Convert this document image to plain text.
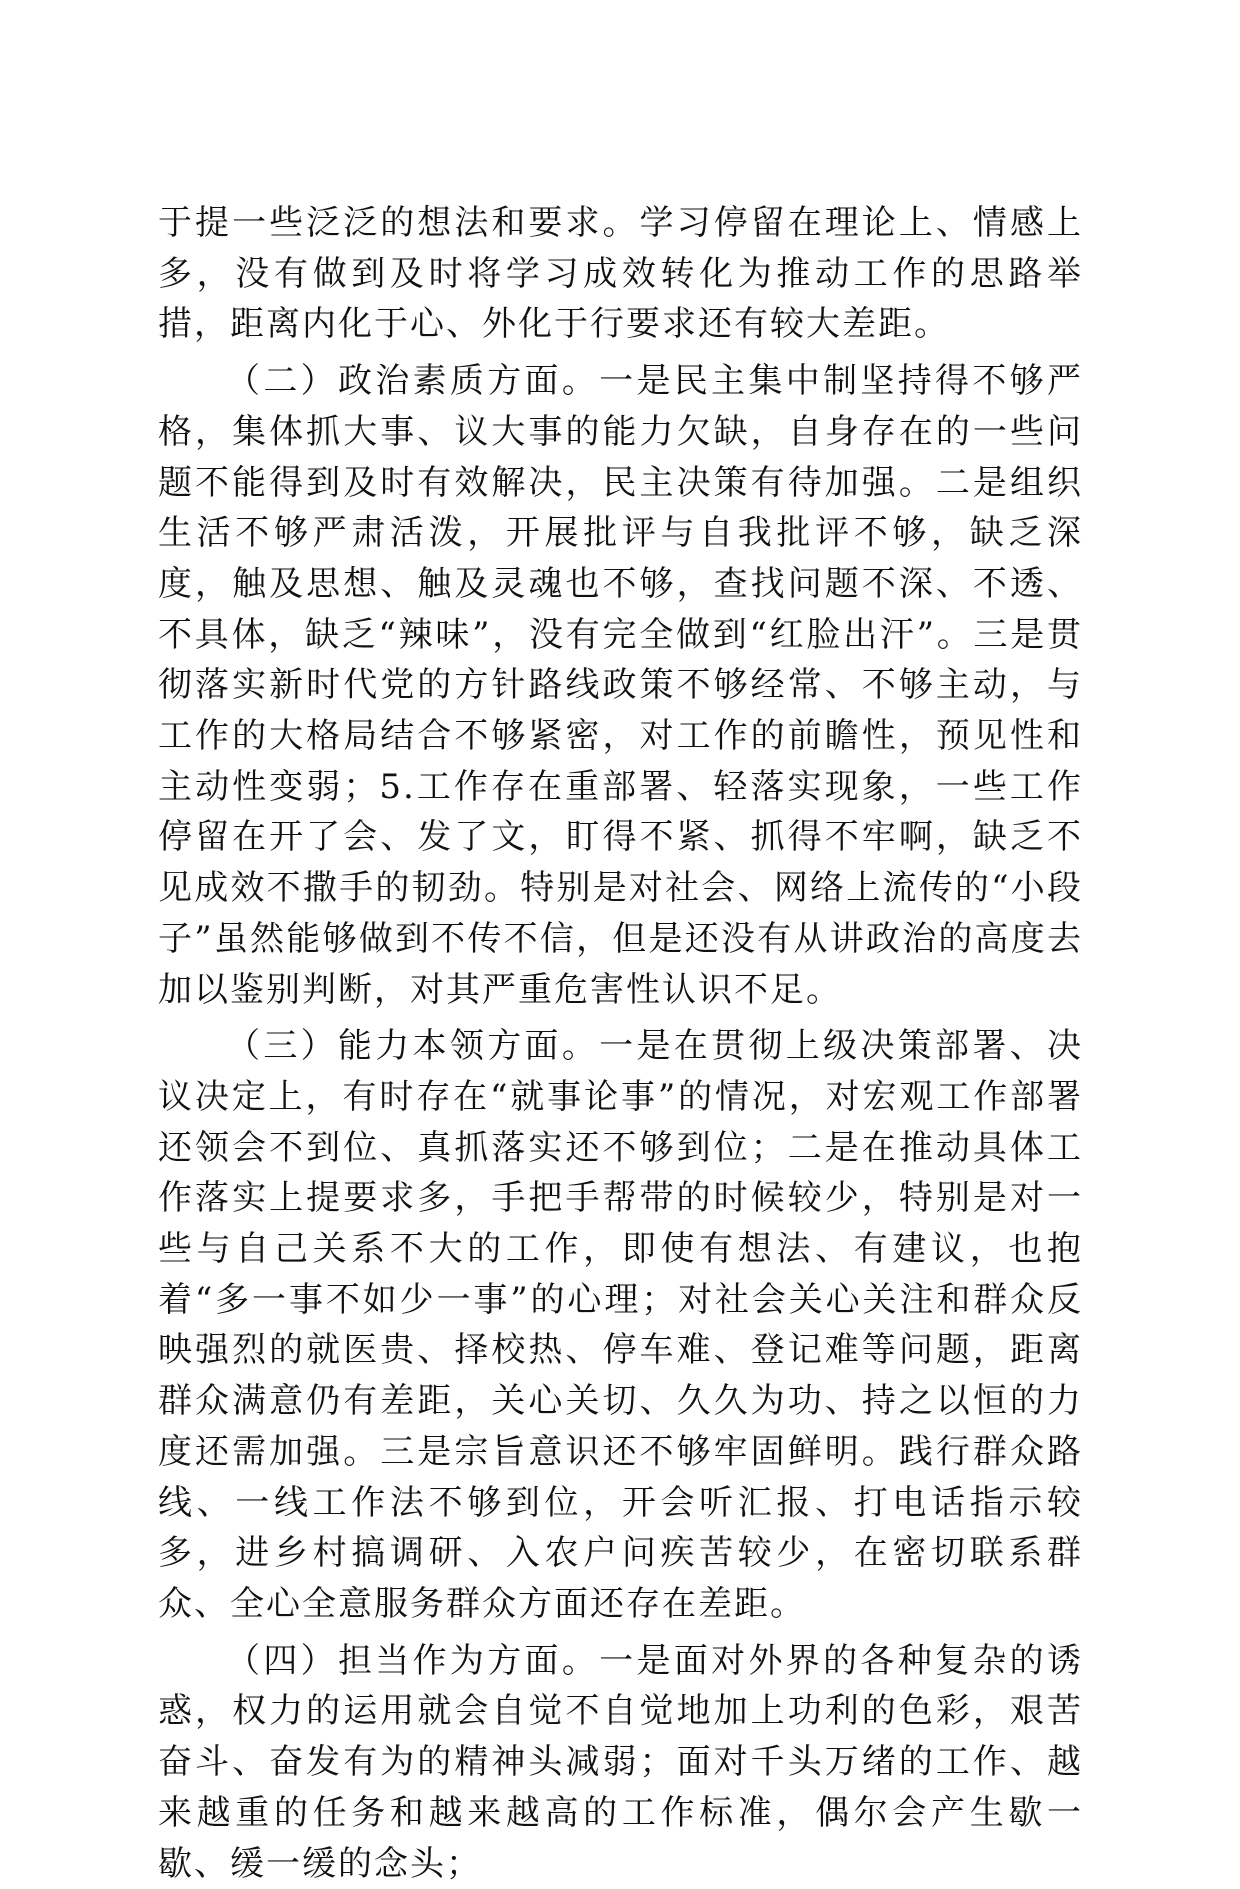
于提一些泛泛的想法和要求。学习停留在理论上、情感上多，没有做到及时将学习成效转化为推动工作的思路举措，距离内化于心、外化于行要求还有较大差距。

（二）政治素质方面。一是民主集中制坚持得不够严格，集体抓大事、议大事的能力欠缺，自身存在的一些问题不能得到及时有效解决，民主决策有待加强。二是组织生活不够严肃活泼，开展批评与自我批评不够，缺乏深度，触及思想、触及灵魂也不够，查找问题不深、不透、不具体，缺乏“辣味”，没有完全做到“红脸出汗”。三是贯彻落实新时代党的方针路线政策不够经常、不够主动，与工作的大格局结合不够紧密，对工作的前瞻性，预见性和主动性变弱；5.工作存在重部署、轻落实现象，一些工作停留在开了会、发了文，盯得不紧、抓得不牢啊，缺乏不见成效不撒手的韧劲。特别是对社会、网络上流传的“小段子”虽然能够做到不传不信，但是还没有从讲政治的高度去加以鉴别判断，对其严重危害性认识不足。

（三）能力本领方面。一是在贯彻上级决策部署、决议决定上，有时存在“就事论事”的情况，对宏观工作部署还领会不到位、真抓落实还不够到位；二是在推动具体工作落实上提要求多，手把手帮带的时候较少，特别是对一些与自己关系不大的工作，即使有想法、有建议，也抱着“多一事不如少一事”的心理；对社会关心关注和群众反映强烈的就医贵、择校热、停车难、登记难等问题，距离群众满意仍有差距，关心关切、久久为功、持之以恒的力度还需加强。三是宗旨意识还不够牢固鲜明。践行群众路线、一线工作法不够到位，开会听汇报、打电话指示较多，进乡村搞调研、入农户问疾苦较少，在密切联系群众、全心全意服务群众方面还存在差距。

（四）担当作为方面。一是面对外界的各种复杂的诱惑，权力的运用就会自觉不自觉地加上功利的色彩，艰苦奋斗、奋发有为的精神头减弱；面对千头万绪的工作、越来越重的任务和越来越高的工作标准，偶尔会产生歇一歇、缓一缓的念头；
